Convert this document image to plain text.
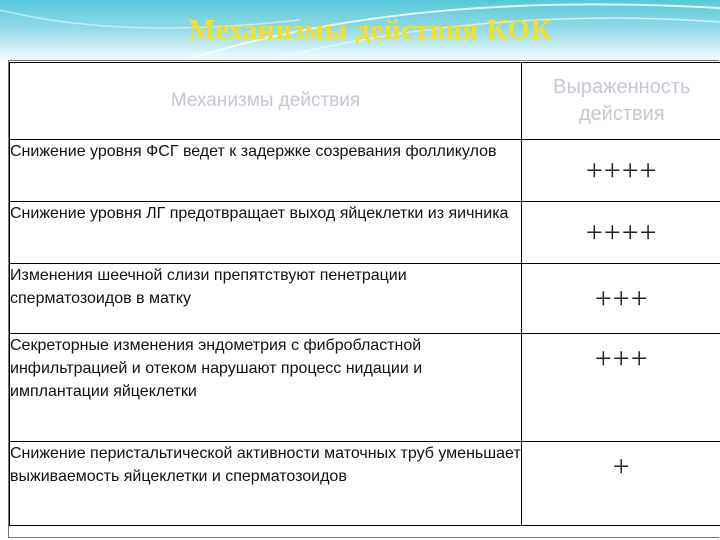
Механизмы действия КОК
Механизмы действия	Выраженность действия
Снижение уровня ФСГ ведет к задержке созревания фолликулов	++++
Снижение уровня ЛГ предотвращает выход яйцеклетки из яичника	++++
Изменения шеечной слизи препятствуют пенетрации сперматозоидов в матку	+++
Секреторные изменения эндометрия с фибробластной инфильтрацией и отеком нарушают процесс нидации и имплантации яйцеклетки	+++
Снижение перистальтической активности маточных труб уменьшает выживаемость яйцеклетки и сперматозоидов	+
